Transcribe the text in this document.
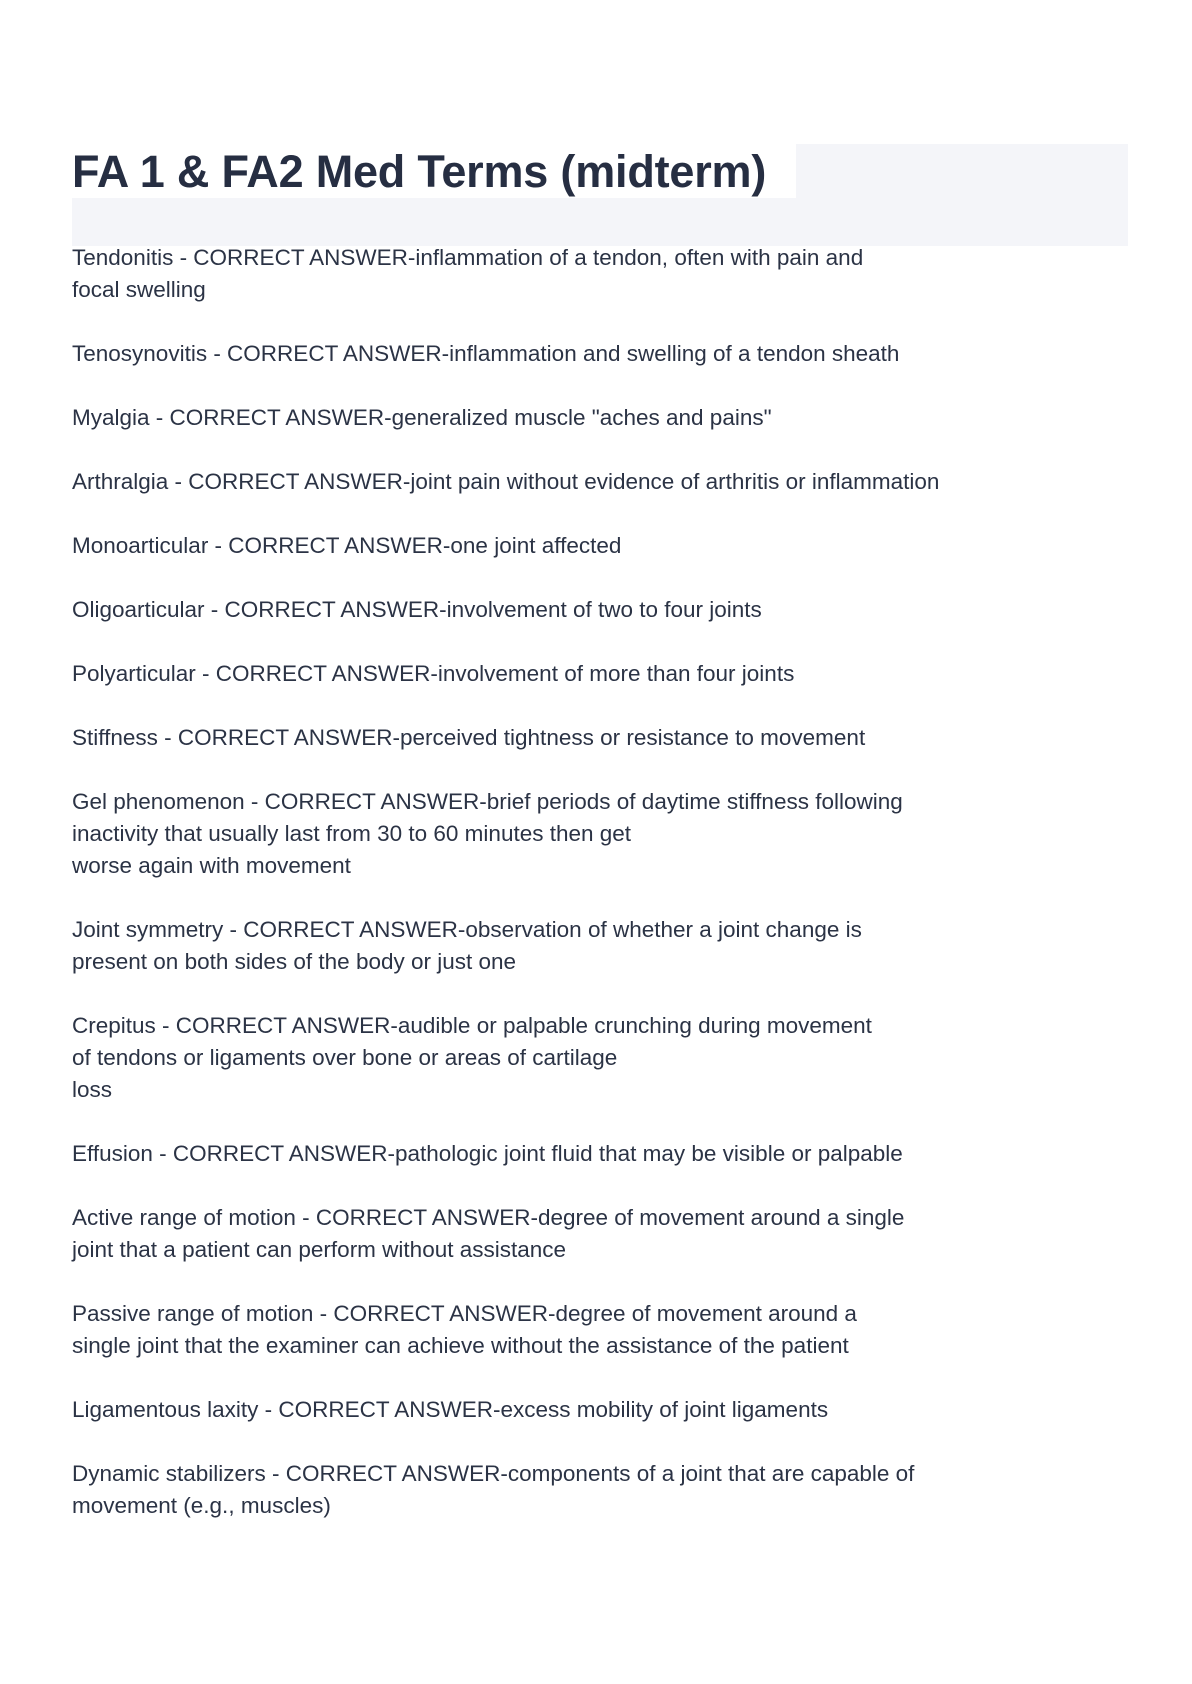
FA 1 & FA2 Med Terms (midterm)
Tendonitis - CORRECT ANSWER-inflammation of a tendon, often with pain and
focal swelling
Tenosynovitis - CORRECT ANSWER-inflammation and swelling of a tendon sheath
Myalgia - CORRECT ANSWER-generalized muscle "aches and pains"
Arthralgia - CORRECT ANSWER-joint pain without evidence of arthritis or inflammation
Monoarticular - CORRECT ANSWER-one joint affected
Oligoarticular - CORRECT ANSWER-involvement of two to four joints
Polyarticular - CORRECT ANSWER-involvement of more than four joints
Stiffness - CORRECT ANSWER-perceived tightness or resistance to movement
Gel phenomenon - CORRECT ANSWER-brief periods of daytime stiffness following
inactivity that usually last from 30 to 60 minutes then get
worse again with movement
Joint symmetry - CORRECT ANSWER-observation of whether a joint change is
present on both sides of the body or just one
Crepitus - CORRECT ANSWER-audible or palpable crunching during movement
of tendons or ligaments over bone or areas of cartilage
loss
Effusion - CORRECT ANSWER-pathologic joint fluid that may be visible or palpable
Active range of motion - CORRECT ANSWER-degree of movement around a single
joint that a patient can perform without assistance
Passive range of motion - CORRECT ANSWER-degree of movement around a
single joint that the examiner can achieve without the assistance of the patient
Ligamentous laxity - CORRECT ANSWER-excess mobility of joint ligaments
Dynamic stabilizers - CORRECT ANSWER-components of a joint that are capable of
movement (e.g., muscles)
